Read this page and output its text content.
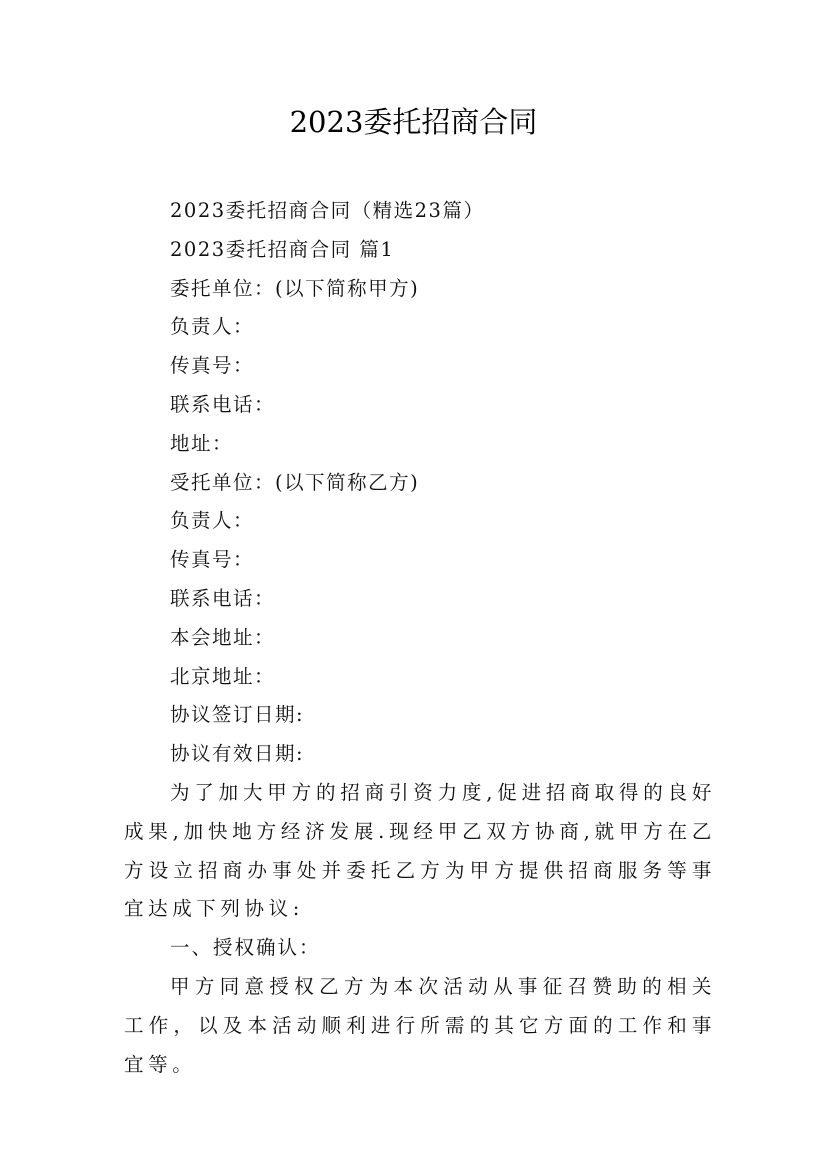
2023委托招商合同
2023委托招商合同（精选23篇）
2023委托招商合同 篇1
委托单位：(以下简称甲方)
负责人：
传真号：
联系电话：
地址：
受托单位：(以下简称乙方)
负责人：
传真号：
联系电话：
本会地址：
北京地址：
协议签订日期:
协议有效日期:
为了加大甲方的招商引资力度,促进招商取得的良好成果,加快地方经济发展.现经甲乙双方协商,就甲方在乙方设立招商办事处并委托乙方为甲方提供招商服务等事宜达成下列协议:
一、授权确认：
甲方同意授权乙方为本次活动从事征召赞助的相关工作，以及本活动顺利进行所需的其它方面的工作和事宜等。
